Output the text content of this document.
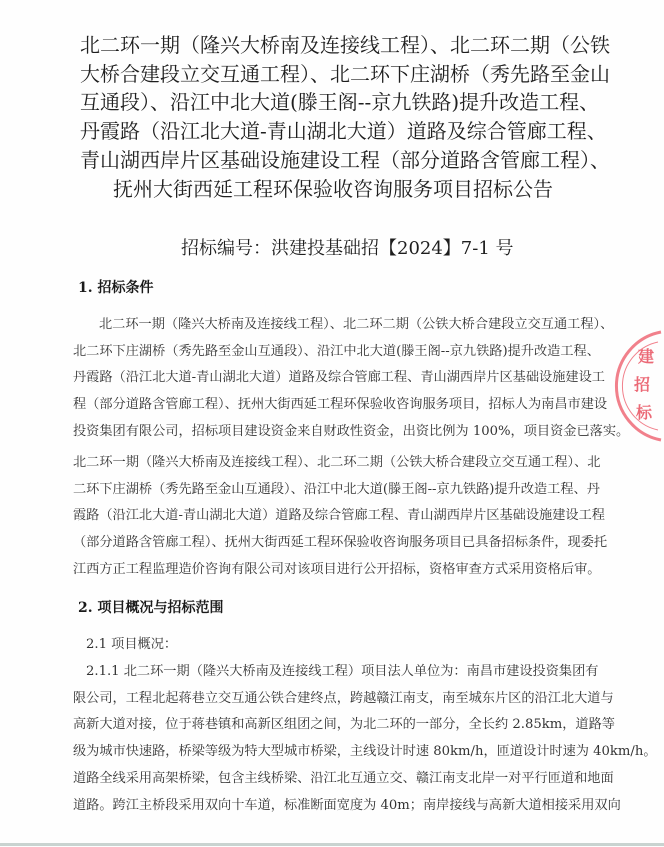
北二环一期（隆兴大桥南及连接线工程）、北二环二期（公铁
大桥合建段立交互通工程）、北二环下庄湖桥（秀先路至金山
互通段）、沿江中北大道(滕王阁--京九铁路)提升改造工程、
丹霞路（沿江北大道-青山湖北大道）道路及综合管廊工程、
青山湖西岸片区基础设施建设工程（部分道路含管廊工程）、
抚州大街西延工程环保验收咨询服务项目招标公告
招标编号：洪建投基础招【2024】7-1 号
1. 招标条件
北二环一期（隆兴大桥南及连接线工程）、北二环二期（公铁大桥合建段立交互通工程）、
北二环下庄湖桥（秀先路至金山互通段）、沿江中北大道(滕王阁--京九铁路)提升改造工程、
丹霞路（沿江北大道-青山湖北大道）道路及综合管廊工程、青山湖西岸片区基础设施建设工
程（部分道路含管廊工程）、抚州大街西延工程环保验收咨询服务项目，招标人为南昌市建设
投资集团有限公司，招标项目建设资金来自财政性资金，出资比例为 100%，项目资金已落实。
北二环一期（隆兴大桥南及连接线工程）、北二环二期（公铁大桥合建段立交互通工程）、北
二环下庄湖桥（秀先路至金山互通段）、沿江中北大道(滕王阁--京九铁路)提升改造工程、丹
霞路（沿江北大道-青山湖北大道）道路及综合管廊工程、青山湖西岸片区基础设施建设工程
（部分道路含管廊工程）、抚州大街西延工程环保验收咨询服务项目已具备招标条件，现委托
江西方正工程监理造价咨询有限公司对该项目进行公开招标，资格审查方式采用资格后审。
2. 项目概况与招标范围
2.1 项目概况：
2.1.1 北二环一期（隆兴大桥南及连接线工程）项目法人单位为：南昌市建设投资集团有
限公司，工程北起蒋巷立交互通公铁合建终点，跨越赣江南支，南至城东片区的沿江北大道与
高新大道对接，位于蒋巷镇和高新区组团之间，为北二环的一部分，全长约 2.85km，道路等
级为城市快速路，桥梁等级为特大型城市桥梁，主线设计时速 80km/h，匝道设计时速为 40km/h。
道路全线采用高架桥梁，包含主线桥梁、沿江北互通立交、赣江南支北岸一对平行匝道和地面
道路。跨江主桥段采用双向十车道，标准断面宽度为 40m；南岸接线与高新大道相接采用双向
建
招
标
